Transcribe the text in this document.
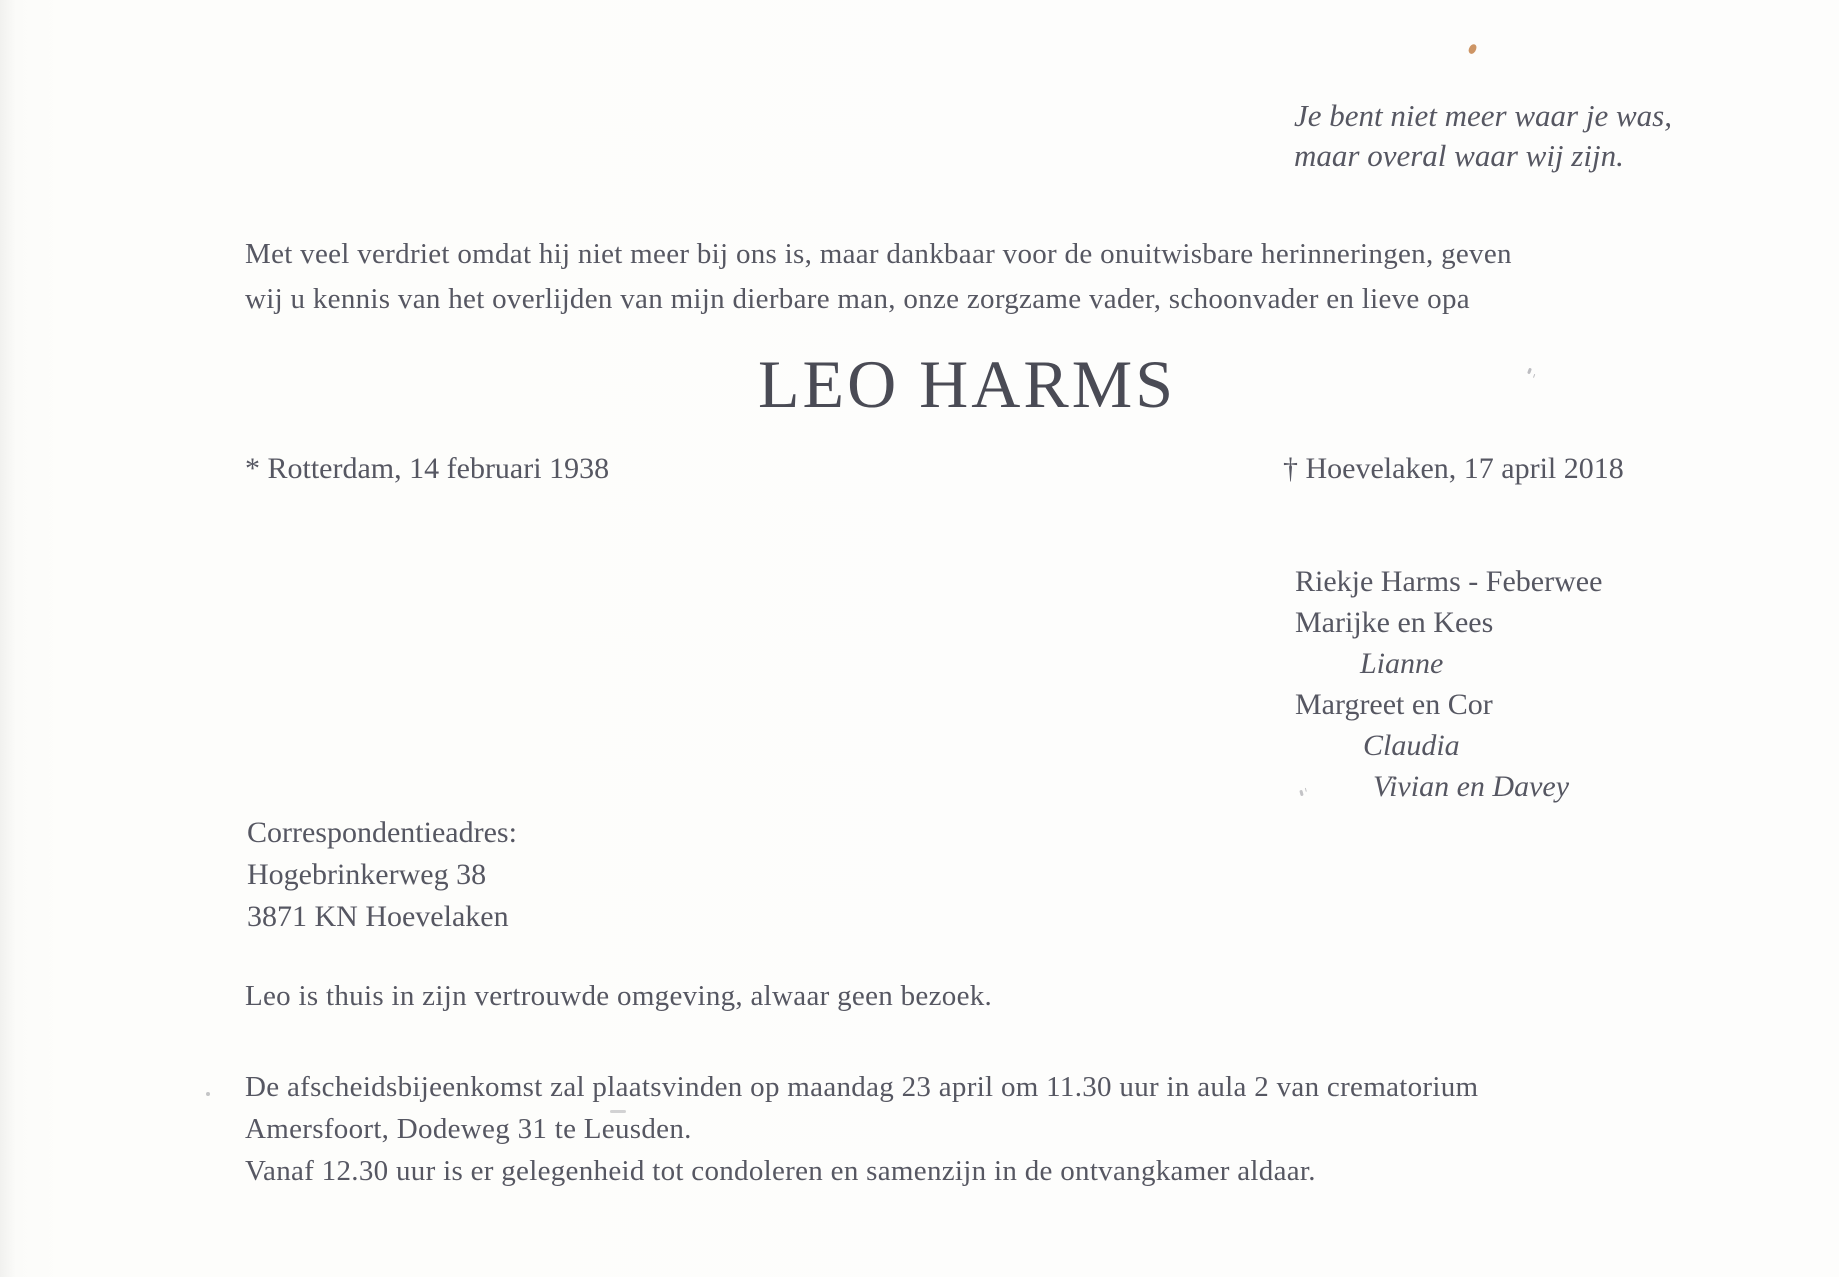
Je bent niet meer waar je was,
maar overal waar wij zijn.
Met veel verdriet omdat hij niet meer bij ons is, maar dankbaar voor de onuitwisbare herinneringen, geven
wij u kennis van het overlijden van mijn dierbare man, onze zorgzame vader, schoonvader en lieve opa
LEO HARMS
* Rotterdam, 14 februari 1938	† Hoevelaken, 17 april 2018
Riekje Harms - Feberwee
Marijke en Kees
Lianne
Margreet en Cor
Claudia
Vivian en Davey
Correspondentieadres:
Hogebrinkerweg 38
3871 KN Hoevelaken
Leo is thuis in zijn vertrouwde omgeving, alwaar geen bezoek.
De afscheidsbijeenkomst zal plaatsvinden op maandag 23 april om 11.30 uur in aula 2 van crematorium
Amersfoort, Dodeweg 31 te Leusden.
Vanaf 12.30 uur is er gelegenheid tot condoleren en samenzijn in de ontvangkamer aldaar.
